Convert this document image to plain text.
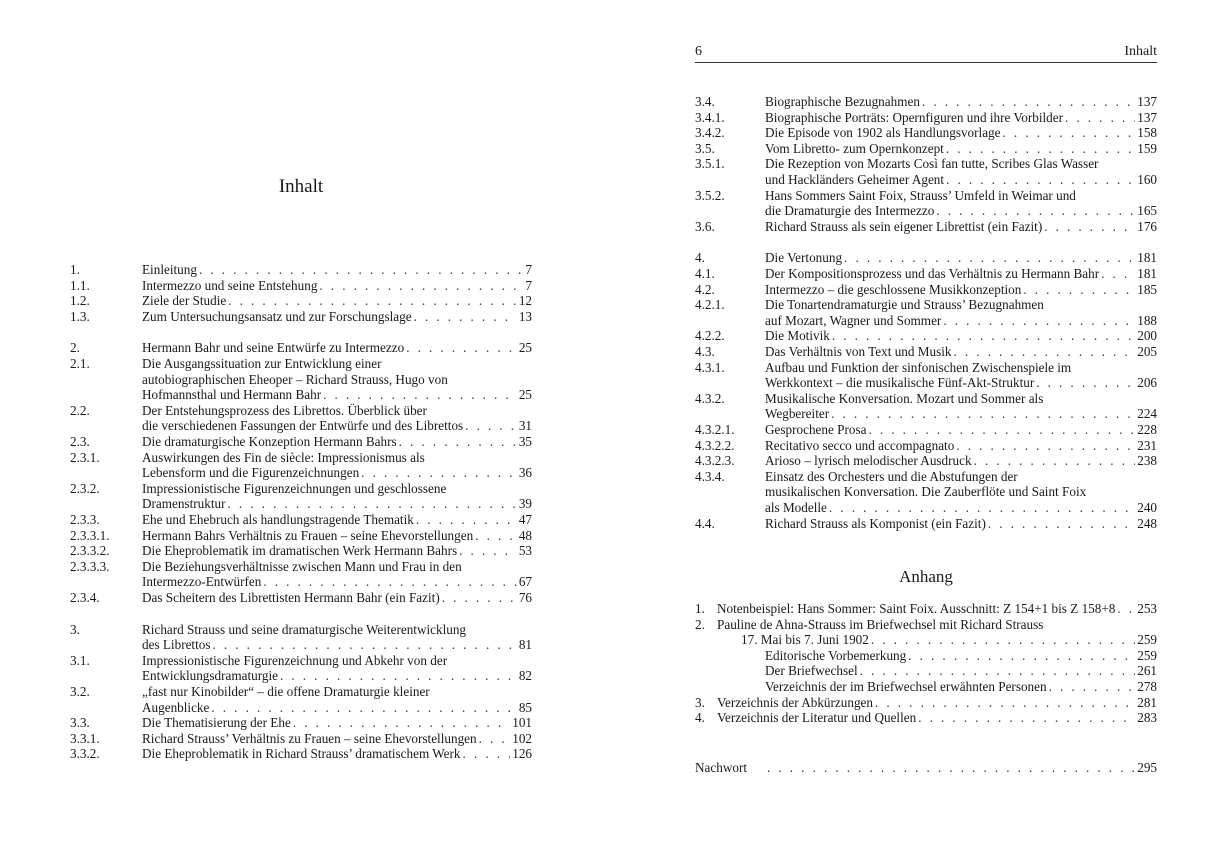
Inhalt
1.	Einleitung . . .	7
1.1.	Intermezzo und seine Entstehung . . .	7
1.2.	Ziele der Studie . . .	12
1.3.	Zum Untersuchungsansatz und zur Forschungslage . . .	13
2.	Hermann Bahr und seine Entwürfe zu Intermezzo . . .	25
2.1.	Die Ausgangssituation zur Entwicklung einer
autobiographischen Eheoper – Richard Strauss, Hugo von
Hofmannsthal und Hermann Bahr . . .	25
2.2.	Der Entstehungsprozess des Librettos. Überblick über
die verschiedenen Fassungen der Entwürfe und des Librettos . . .	31
2.3.	Die dramaturgische Konzeption Hermann Bahrs . . .	35
2.3.1.	Auswirkungen des Fin de siècle: Impressionismus als
Lebensform und die Figurenzeichnungen . . .	36
2.3.2.	Impressionistische Figurenzeichnungen und geschlossene
Dramenstruktur . . .	39
2.3.3.	Ehe und Ehebruch als handlungstragende Thematik . . .	47
2.3.3.1. Hermann Bahrs Verhältnis zu Frauen – seine Ehevorstellungen . . .	48
2.3.3.2. Die Eheproblematik im dramatischen Werk Hermann Bahrs . . .	53
2.3.3.3. Die Beziehungsverhältnisse zwischen Mann und Frau in den
Intermezzo-Entwürfen . . .	67
2.3.4.	Das Scheitern des Librettisten Hermann Bahr (ein Fazit) . . .	76
3.	Richard Strauss und seine dramaturgische Weiterentwicklung
des Librettos . . .	81
3.1.	Impressionistische Figurenzeichnung und Abkehr von der
Entwicklungsdramaturgie . . .	82
3.2.	„fast nur Kinobilder“ – die offene Dramaturgie kleiner
Augenblicke . . .	85
3.3.	Die Thematisierung der Ehe . . .	101
3.3.1.	Richard Strauss’ Verhältnis zu Frauen – seine Ehevorstellungen . . .	102
3.3.2.	Die Eheproblematik in Richard Strauss’ dramatischem Werk . . .	126
6	Inhalt
3.4.	Biographische Bezugnahmen . . .	137
3.4.1.	Biographische Porträts: Opernfiguren und ihre Vorbilder . . .	137
3.4.2.	Die Episode von 1902 als Handlungsvorlage . . .	158
3.5.	Vom Libretto- zum Opernkonzept . . .	159
3.5.1.	Die Rezeption von Mozarts Così fan tutte, Scribes Glas Wasser
und Hackländers Geheimer Agent . . .	160
3.5.2.	Hans Sommers Saint Foix, Strauss’ Umfeld in Weimar und
die Dramaturgie des Intermezzo . . .	165
3.6.	Richard Strauss als sein eigener Librettist (ein Fazit) . . .	176
4.	Die Vertonung . . .	181
4.1.	Der Kompositionsprozess und das Verhältnis zu Hermann Bahr . . .	181
4.2.	Intermezzo – die geschlossene Musikkonzeption . . .	185
4.2.1.	Die Tonartendramaturgie und Strauss’ Bezugnahmen
auf Mozart, Wagner und Sommer . . .	188
4.2.2.	Die Motivik . . .	200
4.3.	Das Verhältnis von Text und Musik . . .	205
4.3.1.	Aufbau und Funktion der sinfonischen Zwischenspiele im
Werkkontext – die musikalische Fünf-Akt-Struktur . . .	206
4.3.2.	Musikalische Konversation. Mozart und Sommer als
Wegbereiter . . .	224
4.3.2.1. Gesprochene Prosa . . .	228
4.3.2.2. Recitativo secco und accompagnato . . .	231
4.3.2.3. Arioso – lyrisch melodischer Ausdruck . . .	238
4.3.4.	Einsatz des Orchesters und die Abstufungen der
musikalischen Konversation. Die Zauberflöte und Saint Foix
als Modelle . . .	240
4.4.	Richard Strauss als Komponist (ein Fazit) . . .	248
Anhang
1. Notenbeispiel: Hans Sommer: Saint Foix. Ausschnitt: Z 154+1 bis Z 158+8 . . . 253
2. Pauline de Ahna-Strauss im Briefwechsel mit Richard Strauss
17. Mai bis 7. Juni 1902 . . .	259
Editorische Vorbemerkung . . .	259
Der Briefwechsel . . .	261
Verzeichnis der im Briefwechsel erwähnten Personen . . .	278
3. Verzeichnis der Abkürzungen . . .	281
4. Verzeichnis der Literatur und Quellen . . .	283
Nachwort . . .	295
